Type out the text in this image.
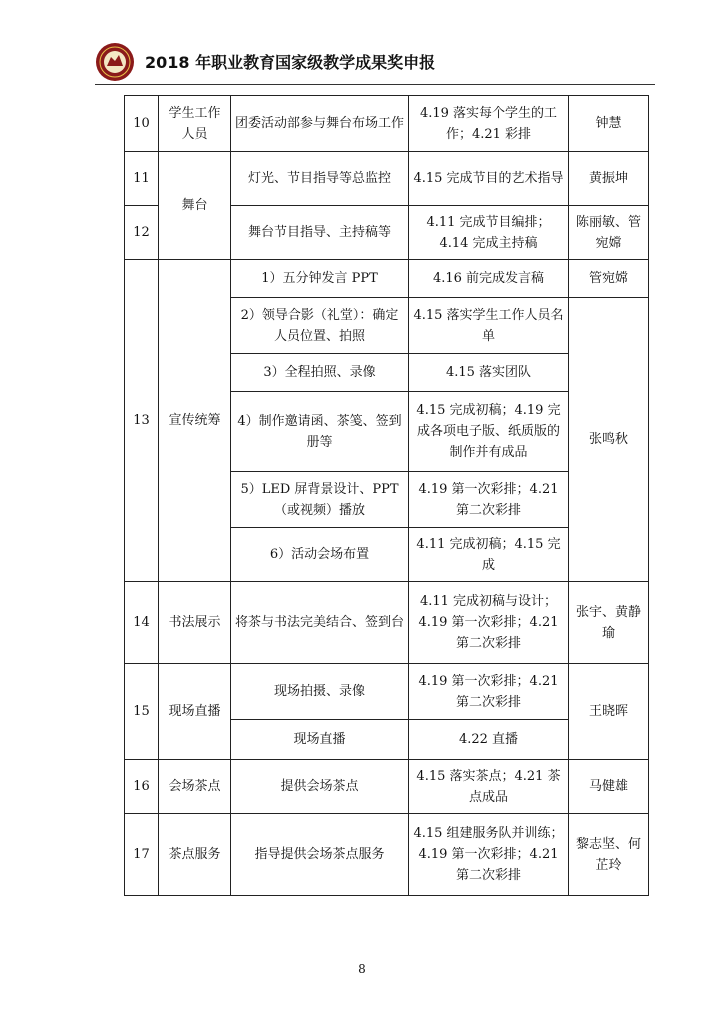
2018 年职业教育国家级教学成果奖申报
10	学生工作人员	团委活动部参与舞台布场工作	4.19 落实每个学生的工作；4.21 彩排	钟慧
11	舞台	灯光、节目指导等总监控	4.15 完成节目的艺术指导	黄振坤
12		舞台节目指导、主持稿等	4.11 完成节目编排；4.14 完成主持稿	陈丽敏、管宛嫦
13	宣传统筹	1）五分钟发言 PPT	4.16 前完成发言稿	管宛嫦
		2）领导合影（礼堂）：确定人员位置、拍照	4.15 落实学生工作人员名单	张鸣秋
		3）全程拍照、录像	4.15 落实团队	
		4）制作邀请函、茶笺、签到册等	4.15 完成初稿；4.19 完成各项电子版、纸质版的制作并有成品	
		5）LED 屏背景设计、PPT（或视频）播放	4.19 第一次彩排；4.21 第二次彩排	
		6）活动会场布置	4.11 完成初稿；4.15 完成	
14	书法展示	将茶与书法完美结合、签到台	4.11 完成初稿与设计；4.19 第一次彩排；4.21 第二次彩排	张宇、黄静瑜
15	现场直播	现场拍摄、录像	4.19 第一次彩排；4.21 第二次彩排	王晓晖
		现场直播	4.22 直播	
16	会场茶点	提供会场茶点	4.15 落实茶点；4.21 茶点成品	马健雄
17	茶点服务	指导提供会场茶点服务	4.15 组建服务队并训练；4.19 第一次彩排；4.21 第二次彩排	黎志坚、何芷玲
8
